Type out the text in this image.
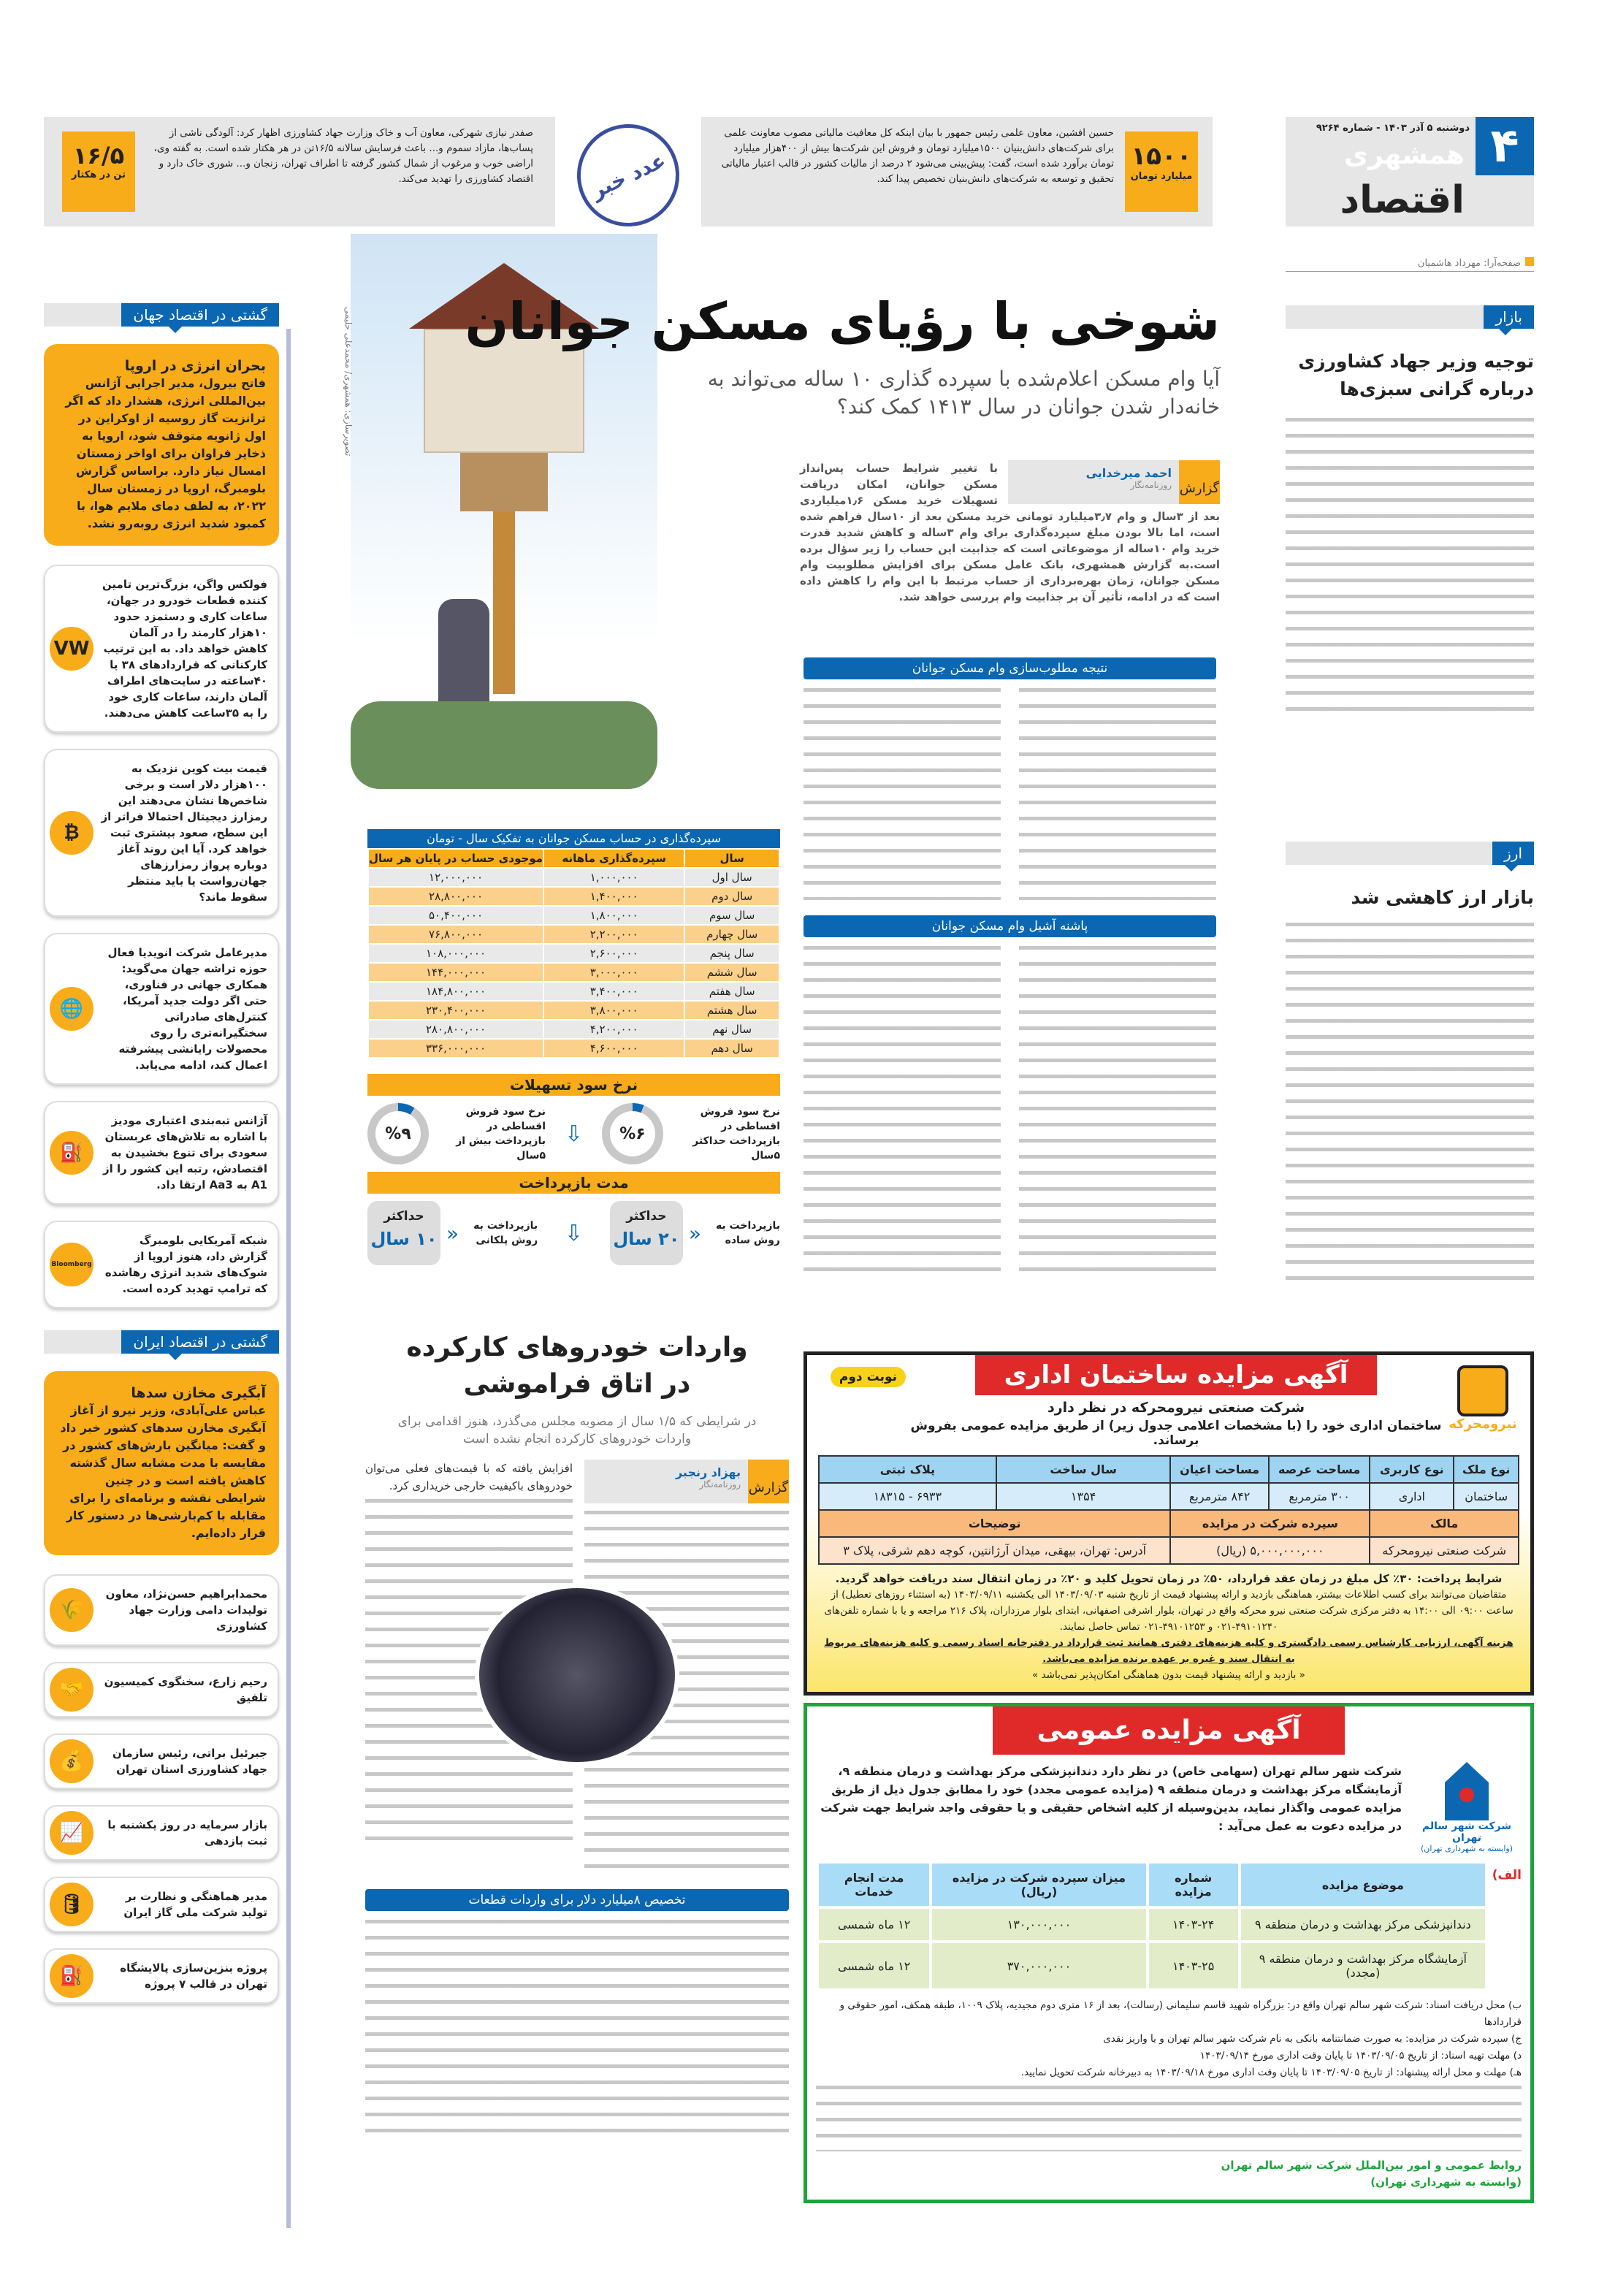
۴
دوشنبه ۵ آذر ۱۴۰۳ - شماره ۹۲۶۴
همشهری
اقتصاد
صفحه‌آرا: مهرداد هاشمیان
۱۵۰۰
میلیارد تومان
حسین افشین، معاون علمی رئیس جمهور با بیان اینکه کل معافیت مالیاتی مصوب معاونت علمی برای شرکت‌های دانش‌بنیان ۱۵۰۰میلیارد تومان و فروش این شرکت‌ها بیش از ۴۰۰هزار میلیارد تومان برآورد شده است، گفت: پیش‌بینی می‌شود ۲ درصد از مالیات کشور در قالب اعتبار مالیاتی تحقیق و توسعه به شرکت‌های دانش‌بنیان تخصیص پیدا کند.
عدد خبر
۱۶/۵
تن در هکتار
صفدر نیازی شهرکی، معاون آب و خاک وزارت جهاد کشاورزی اظهار کرد: آلودگی ناشی از پساب‌ها، مازاد سموم و... باعث فرسایش سالانه ۱۶/۵تن در هر هکتار شده است. به گفته وی، اراضی خوب و مرغوب از شمال کشور گرفته تا اطراف تهران، زنجان و... شوری خاک دارد و اقتصاد کشاورزی را تهدید می‌کند.
تصویرسازی: همشهری/ محمدعلی حلیمی شوخی با رؤیای مسکن جوانان
آیا وام مسکن اعلام‌شده با سپرده گذاری ۱۰ ساله می‌تواند به خانه‌دار شدن جوانان در سال ۱۴۱۳ کمک کند؟
گزارش
احمد میرخدایی
روزنامه‌نگار
با تغییر شرایط حساب پس‌انداز مسکن جوانان، امکان دریافت تسهیلات خرید مسکن ۱٫۶میلیاردی بعد از ۳سال و وام ۳٫۷میلیارد تومانی خرید مسکن بعد از ۱۰سال فراهم شده است، اما بالا بودن مبلغ سپرده‌گذاری برای وام ۳ساله و کاهش شدید قدرت خرید وام ۱۰ساله از موضوعاتی است که جذابیت این حساب را زیر سؤال برده است.به گزارش همشهری، بانک عامل مسکن برای افزایش مطلوبیت وام مسکن جوانان، زمان بهره‌برداری از حساب مرتبط با این وام را کاهش داده است که در ادامه، تأثیر آن بر جذابیت وام بررسی خواهد شد.
نتیجه مطلوب‌سازی وام مسکن جوانان
پاشنه آشیل وام مسکن جوانان
سپرده‌گذاری در حساب مسکن جوانان به تفکیک سال - تومان
سال	سپرده‌گذاری ماهانه	موجودی حساب در پایان هر سال
سال اول	۱,۰۰۰,۰۰۰	۱۲,۰۰۰,۰۰۰
سال دوم	۱,۴۰۰,۰۰۰	۲۸,۸۰۰,۰۰۰
سال سوم	۱,۸۰۰,۰۰۰	۵۰,۴۰۰,۰۰۰
سال چهارم	۲,۲۰۰,۰۰۰	۷۶,۸۰۰,۰۰۰
سال پنجم	۲,۶۰۰,۰۰۰	۱۰۸,۰۰۰,۰۰۰
سال ششم	۳,۰۰۰,۰۰۰	۱۴۴,۰۰۰,۰۰۰
سال هفتم	۳,۴۰۰,۰۰۰	۱۸۴,۸۰۰,۰۰۰
سال هشتم	۳,۸۰۰,۰۰۰	۲۳۰,۴۰۰,۰۰۰
سال نهم	۴,۲۰۰,۰۰۰	۲۸۰,۸۰۰,۰۰۰
سال دهم	۴,۶۰۰,۰۰۰	۳۳۶,۰۰۰,۰۰۰
نرخ سود تسهیلات
نرخ سود فروش اقساطی در بازپرداخت حداکثر ۵سال
%۶
⇩
نرخ سود فروش اقساطی در بازپرداخت بیش از ۵سال
%۹
مدت بازپرداخت
بازپرداخت به روش ساده
«
حداکثر
۲۰ سال
⇩
بازپرداخت به روش پلکانی
«
حداکثر
۱۰ سال
بازار
توجیه وزیر جهاد کشاورزی درباره گرانی سبزی‌ها
ارز
بازار ارز کاهشی شد
گشتی در اقتصاد جهان
بحران انرژی در اروپا
فاتح بیرول، مدیر اجرایی آژانس بین‌المللی انرژی، هشدار داد که اگر ترانزیت گاز روسیه از اوکراین در اول ژانویه متوقف شود، اروپا به ذخایر فراوان برای اواخر زمستان امسال نیاز دارد. براساس گزارش بلومبرگ، اروپا در زمستان سال ۲۰۲۲، به لطف دمای ملایم هوا، با کمبود شدید انرژی روبه‌رو نشد.
VW
فولکس واگن، بزرگ‌ترین تامین کننده قطعات خودرو در جهان، ساعات کاری و دستمزد حدود ۱۰هزار کارمند را در آلمان کاهش خواهد داد. به این ترتیب کارکنانی که قراردادهای ۳۸ یا ۴۰ساعته در سایت‌های اطراف آلمان دارند، ساعات کاری خود را به ۳۵ساعت کاهش می‌دهند.
₿
قیمت بیت کوین نزدیک به ۱۰۰هزار دلار است و برخی شاخص‌ها نشان می‌دهند این رمزارز دیجیتال احتمالا فراتر از این سطح، صعود بیشتری ثبت خواهد کرد. آیا این روند آغاز دوباره پرواز رمزارزهای جهان‌رواست یا باید منتظر سقوط ماند؟
🌐
مدیرعامل شرکت انویدیا فعال حوزه تراشه جهان می‌گوید: همکاری جهانی در فناوری، حتی اگر دولت جدید آمریکا، کنترل‌های صادراتی سختگیرانه‌تری را روی محصولات رایانشی پیشرفته اعمال کند، ادامه می‌یابد.
⛽
آژانس تبه‌بندی اعتباری مودیز با اشاره به تلاش‌های عربستان سعودی برای تنوع بخشیدن به اقتصادش، رتبه این کشور را از A1 به Aa3 ارتقا داد.
Bloomberg
شبکه آمریکایی بلومبرگ گزارش داد، هنوز اروپا از شوک‌های شدید انرژی رهاشده که ترامپ تهدید کرده است.
گشتی در اقتصاد ایران
آبگیری مخازن سدها
عباس علی‌آبادی، وزیر نیرو از آغاز آبگیری مخازن سدهای کشور خبر داد و گفت: میانگین بارش‌های کشور در مقایسه با مدت مشابه سال گذشته کاهش یافته است و در چنین شرایطی نقشه و برنامه‌ای را برای مقابله با کم‌بارشی‌ها در دستور کار قرار داده‌ایم.
🌾
محمدابراهیم حسن‌نژاد، معاون تولیدات دامی وزارت جهاد کشاورزی
🤝	رحیم زارع، سخنگوی کمیسیون تلفیق
💰	جبرئیل براتی، رئیس سازمان جهاد کشاورزی استان تهران
📈	بازار سرمایه در روز یکشنبه با ثبت بازدهی
🛢	مدیر هماهنگی و نظارت بر تولید شرکت ملی گاز ایران
⛽	پروژه بنزین‌سازی پالایشگاه تهران در قالب ۷ پروژه
واردات خودروهای کارکرده در اتاق فراموشی
در شرایطی که ۱/۵ سال از مصوبه مجلس می‌گذرد، هنوز اقدامی برای واردات خودروهای کارکرده انجام نشده است
گزارش
بهزاد رنجبر
روزنامه‌نگار
افزایش یافته که با قیمت‌های فعلی می‌توان خودروهای باکیفیت خارجی خریداری کرد.
تخصیص ۸میلیارد دلار برای واردات قطعات
نیرومحرکه
آگهی مزایده ساختمان اداری
شرکت صنعتی نیرومحرکه در نظر دارد
ساختمان اداری خود را (با مشخصات اعلامی جدول زیر) از طریق مزایده عمومی بفروش برساند.
نوبت دوم
نوع ملک	نوع کاربری	مساحت عرصه	مساحت اعیان	سال ساخت	پلاک ثبتی
ساختمان	اداری	۳۰۰ مترمربع	۸۴۲ مترمربع	۱۳۵۴	۶۹۳۳ - ۱۸۳۱۵
مالک		سپرده شرکت در مزایده		توضیحات	
شرکت صنعتی نیرومحرکه		۵,۰۰۰,۰۰۰,۰۰۰ (ریال)		آدرس: تهران، بیهقی، میدان آرژانتین، کوچه دهم شرقی، پلاک ۳	
شرایط پرداخت: ۳۰٪ کل مبلغ در زمان عقد قرارداد، ۵۰٪ در زمان تحویل کلید و ۲۰٪ در زمان انتقال سند دریافت خواهد گردید.
متقاضیان می‌توانند برای کسب اطلاعات بیشتر، هماهنگی بازدید و ارائه پیشنهاد قیمت از تاریخ شنبه ۱۴۰۳/۰۹/۰۳ الی یکشنبه ۱۴۰۳/۰۹/۱۱ (به استثناء روزهای تعطیل) از ساعت ۰۹:۰۰ الی ۱۴:۰۰ به دفتر مرکزی شرکت صنعتی نیرو محرکه واقع در تهران، بلوار اشرفی اصفهانی، ابتدای بلوار مرزداران، پلاک ۲۱۶ مراجعه و یا با شماره تلفن‌های ۴۹۱۰۱۲۴۰-۰۲۱ و ۴۹۱۰۱۲۵۳-۰۲۱ تماس حاصل نمایند.
هزینه آگهی، ارزیابی کارشناس رسمی دادگستری و کلیه هزینه‌های دفتری همانند ثبت قرارداد در دفترخانه اسناد رسمی و کلیه هزینه‌های مربوط به انتقال سند و غیره بر عهده برنده مزایده می‌باشد.
« بازدید و ارائه پیشنهاد قیمت بدون هماهنگی امکان‌پذیر نمی‌باشد »
آگهی مزایده عمومی
شرکت شهر سالم تهران
(وابسته به شهرداری تهران)
شرکت شهر سالم تهران (سهامی خاص) در نظر دارد دندانپزشکی مرکز بهداشت و درمان منطقه ۹، آزمایشگاه مرکز بهداشت و درمان منطقه ۹ (مزایده عمومی مجدد) خود را مطابق جدول ذیل از طریق مزایده عمومی واگذار نماید، بدین‌وسیله از کلیه اشخاص حقیقی و یا حقوقی واجد شرایط جهت شرکت در مزایده دعوت به عمل می‌آید :
الف)
موضوع مزایده	شماره مزایده	میزان سپرده شرکت در مزایده (ریال)	مدت انجام خدمات
دندانپزشکی مرکز بهداشت و درمان منطقه ۹	۱۴۰۳-۲۴	۱۳۰,۰۰۰,۰۰۰	۱۲ ماه شمسی
آزمایشگاه مرکز بهداشت و درمان منطقه ۹ (مجدد)	۱۴۰۳-۲۵	۳۷۰,۰۰۰,۰۰۰	۱۲ ماه شمسی
ب) محل دریافت اسناد: شرکت شهر سالم تهران واقع در: بزرگراه شهید قاسم سلیمانی (رسالت)، بعد از ۱۶ متری دوم مجیدیه، پلاک ۱۰۰۹، طبقه همکف، امور حقوقی و قراردادها
ج) سپرده شرکت در مزایده: به صورت ضمانتنامه بانکی به نام شرکت شهر سالم تهران و یا واریز نقدی
د) مهلت تهیه اسناد: از تاریخ ۱۴۰۳/۰۹/۰۵ تا پایان وقت اداری مورخ ۱۴۰۳/۰۹/۱۴
هـ) مهلت و محل ارائه پیشنهاد: از تاریخ ۱۴۰۳/۰۹/۰۵ تا پایان وقت اداری مورخ ۱۴۰۳/۰۹/۱۸ به دبیرخانه شرکت تحویل نمایید.
روابط عمومی و امور بین‌الملل شرکت شهر سالم تهران (وابسته به شهرداری تهران)
